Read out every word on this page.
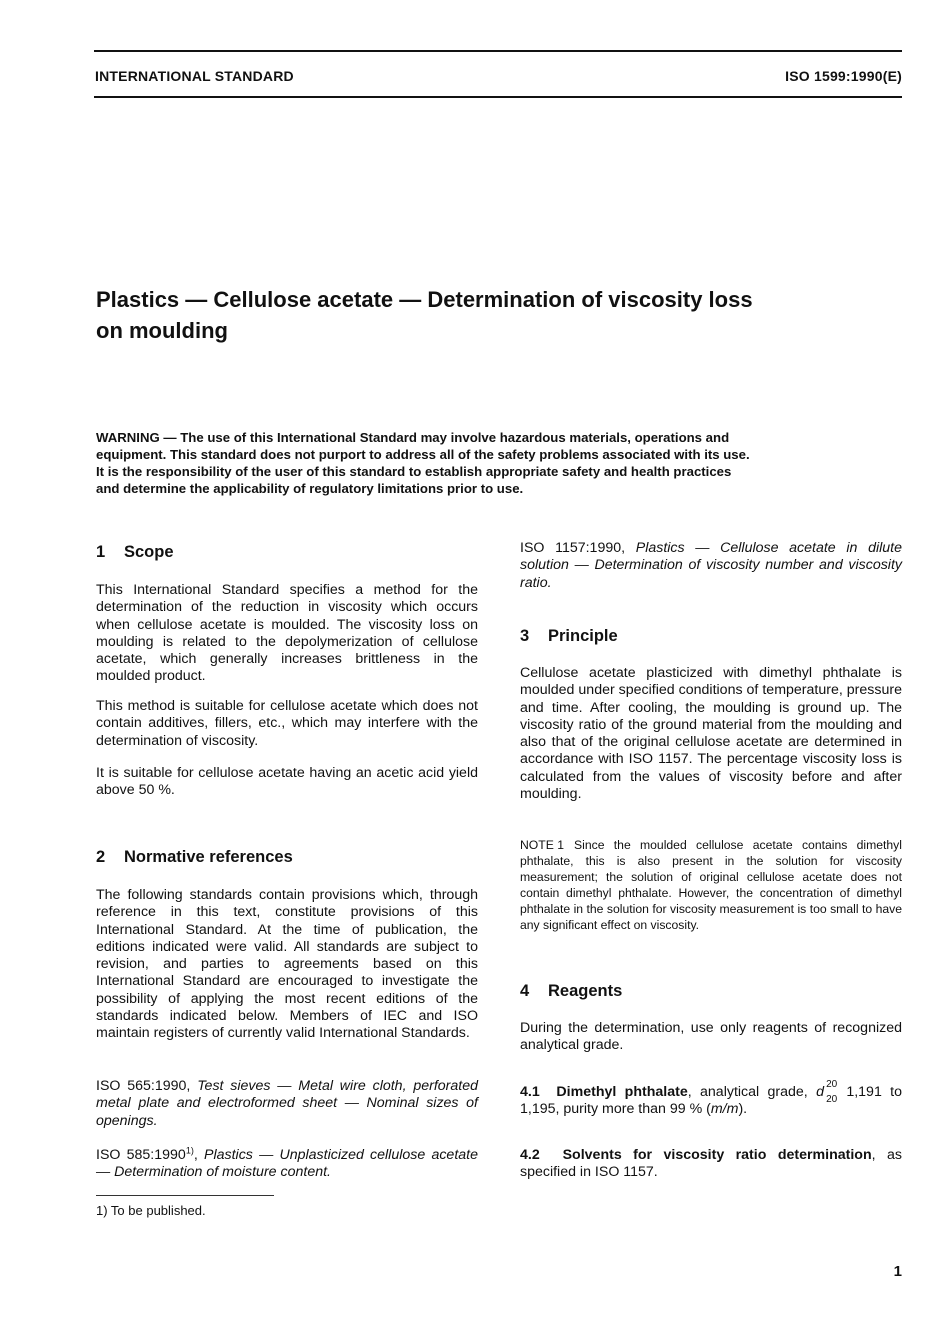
INTERNATIONAL STANDARD	ISO 1599:1990(E)
Plastics — Cellulose acetate — Determination of viscosity loss
on moulding

WARNING — The use of this International Standard may involve hazardous materials, operations and
equipment. This standard does not purport to address all of the safety problems associated with its use.
It is the responsibility of the user of this standard to establish appropriate safety and health practices
and determine the applicability of regulatory limitations prior to use.

1 Scope

This International Standard specifies a method for the determination of the reduction in viscosity which occurs when cellulose acetate is moulded. The viscosity loss on moulding is related to the depolymerization of cellulose acetate, which generally increases brittleness in the moulded product.

This method is suitable for cellulose acetate which does not contain additives, fillers, etc., which may interfere with the determination of viscosity.

It is suitable for cellulose acetate having an acetic acid yield above 50 %.

2 Normative references

The following standards contain provisions which, through reference in this text, constitute provisions of this International Standard. At the time of publication, the editions indicated were valid. All standards are subject to revision, and parties to agreements based on this International Standard are encouraged to investigate the possibility of applying the most recent editions of the standards indicated below. Members of IEC and ISO maintain registers of currently valid International Standards.

ISO 565:1990, Test sieves — Metal wire cloth, perforated metal plate and electroformed sheet — Nominal sizes of openings.

ISO 585:1990$^{1)}$, Plastics — Unplasticized cellulose acetate — Determination of moisture content.

ISO 1157:1990, Plastics — Cellulose acetate in dilute solution — Determination of viscosity number and viscosity ratio.

3 Principle

Cellulose acetate plasticized with dimethyl phthalate is moulded under specified conditions of temperature, pressure and time. After cooling, the moulding is ground up. The viscosity ratio of the ground material from the moulding and also that of the original cellulose acetate are determined in accordance with ISO 1157. The percentage viscosity loss is calculated from the values of viscosity before and after moulding.

NOTE 1 Since the moulded cellulose acetate contains dimethyl phthalate, this is also present in the solution for viscosity measurement; the solution of original cellulose acetate does not contain dimethyl phthalate. However, the concentration of dimethyl phthalate in the solution for viscosity measurement is too small to have any significant effect on viscosity.

4 Reagents

During the determination, use only reagents of recognized analytical grade.

4.1 Dimethyl phthalate, analytical grade, d 20
20 1,191 to 1,195, purity more than 99 % (m/m).

4.2 Solvents for viscosity ratio determination, as specified in ISO 1157.

1) To be published.

1
